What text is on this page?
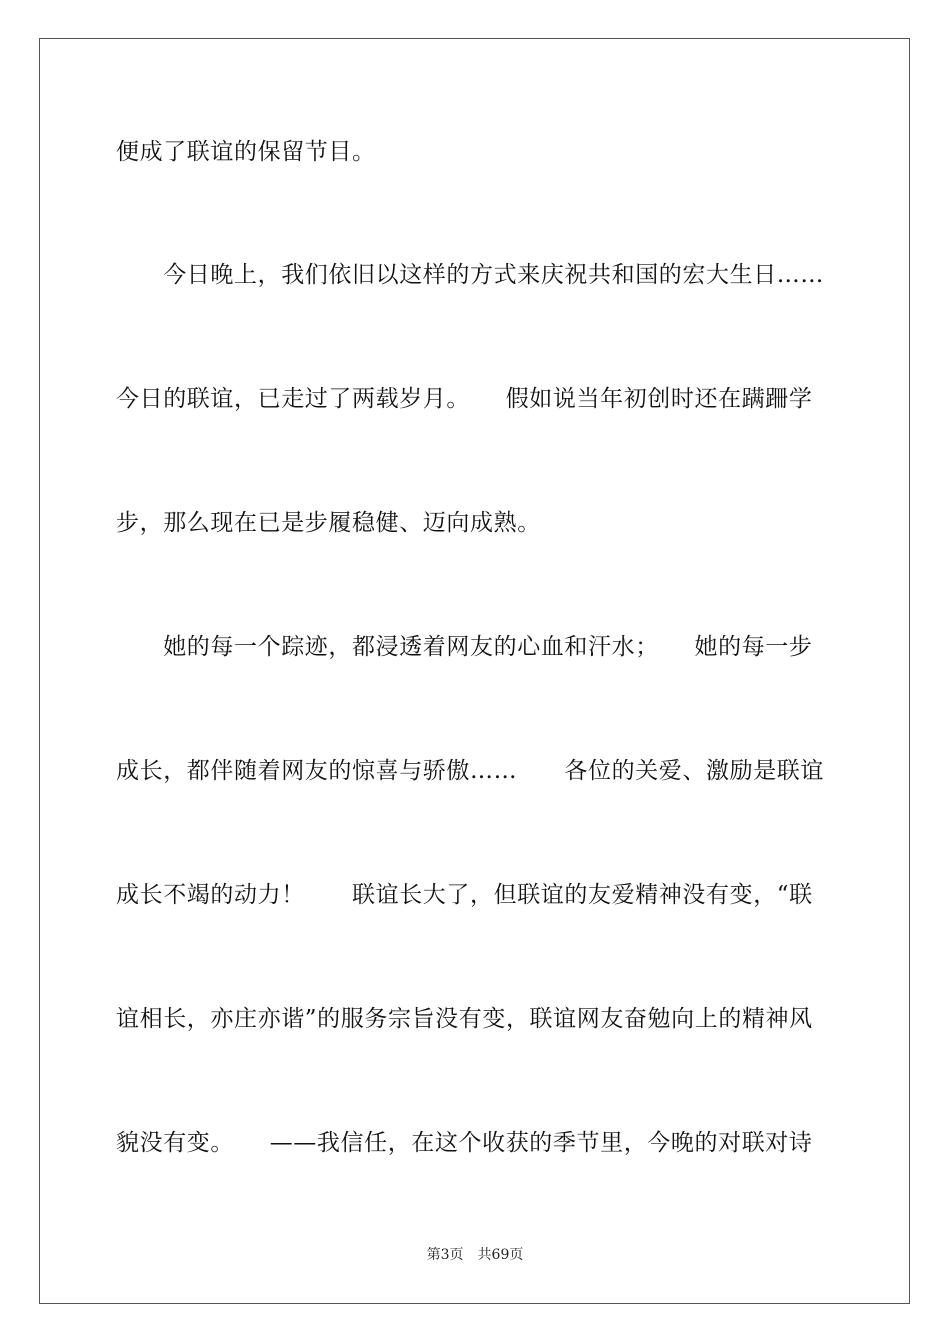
便成了联谊的保留节目。
　　今日晚上，我们依旧以这样的方式来庆祝共和国的宏大生日……
今日的联谊，已走过了两载岁月。　　假如说当年初创时还在蹒跚学
步，那么现在已是步履稳健、迈向成熟。
　　她的每一个踪迹，都浸透着网友的心血和汗水；　　她的每一步
成长，都伴随着网友的惊喜与骄傲……　　各位的关爱、激励是联谊
成长不竭的动力！　　联谊长大了，但联谊的友爱精神没有变，“联
谊相长，亦庄亦谐”的服务宗旨没有变，联谊网友奋勉向上的精神风
貌没有变。　　——我信任，在这个收获的季节里，今晚的对联对诗
第3页　共69页
